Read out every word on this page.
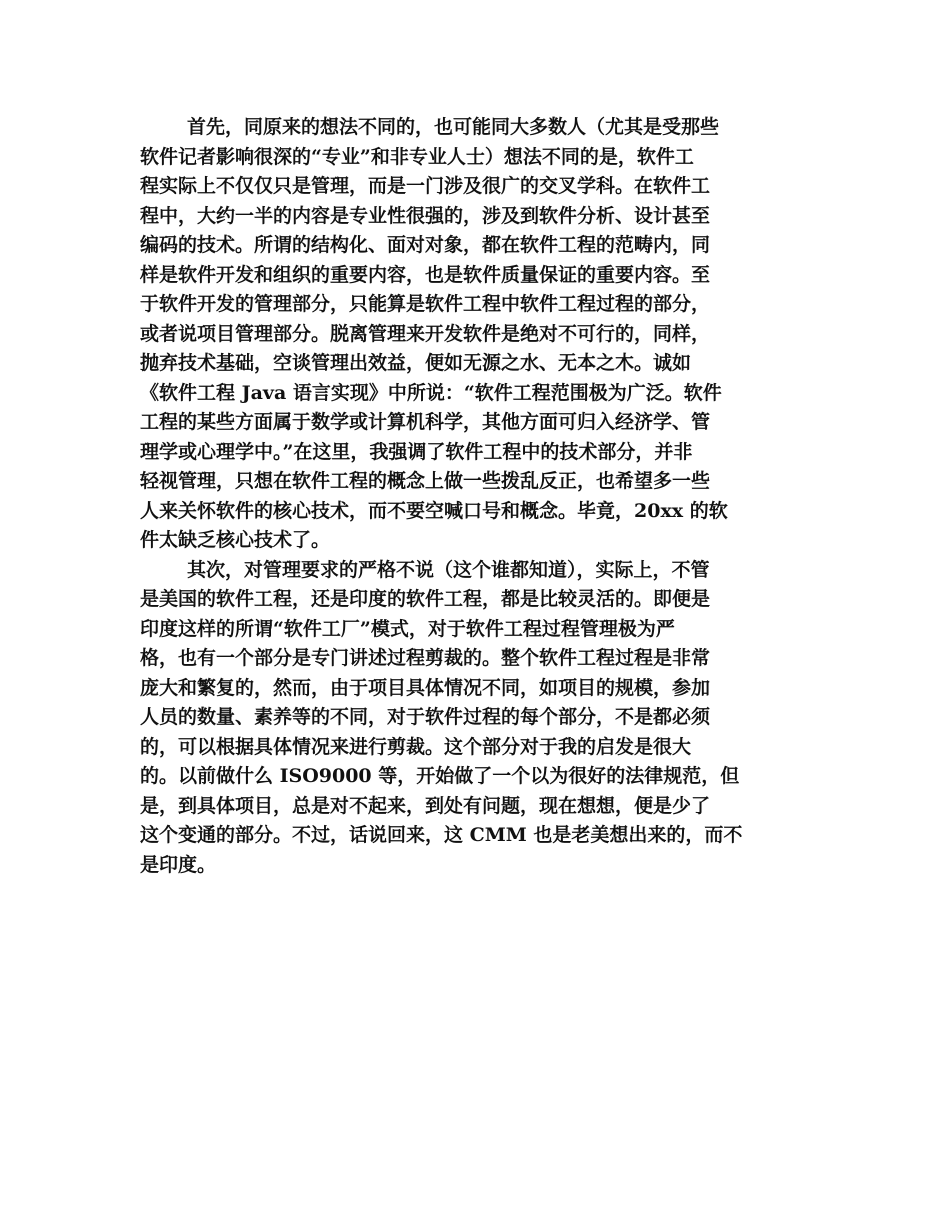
首先，同原来的想法不同的，也可能同大多数人（尤其是受那些
软件记者影响很深的“专业”和非专业人士）想法不同的是，软件工
程实际上不仅仅只是管理，而是一门涉及很广的交叉学科。在软件工
程中，大约一半的内容是专业性很强的，涉及到软件分析、设计甚至
编码的技术。所谓的结构化、面对对象，都在软件工程的范畴内，同
样是软件开发和组织的重要内容，也是软件质量保证的重要内容。至
于软件开发的管理部分，只能算是软件工程中软件工程过程的部分，
或者说项目管理部分。脱离管理来开发软件是绝对不可行的，同样，
抛弃技术基础，空谈管理出效益，便如无源之水、无本之木。诚如
《软件工程 Java 语言实现》中所说：“软件工程范围极为广泛。软件
工程的某些方面属于数学或计算机科学，其他方面可归入经济学、管
理学或心理学中。”在这里，我强调了软件工程中的技术部分，并非
轻视管理，只想在软件工程的概念上做一些拨乱反正，也希望多一些
人来关怀软件的核心技术，而不要空喊口号和概念。毕竟，20xx 的软
件太缺乏核心技术了。
其次，对管理要求的严格不说（这个谁都知道），实际上，不管
是美国的软件工程，还是印度的软件工程，都是比较灵活的。即便是
印度这样的所谓“软件工厂”模式，对于软件工程过程管理极为严
格，也有一个部分是专门讲述过程剪裁的。整个软件工程过程是非常
庞大和繁复的，然而，由于项目具体情况不同，如项目的规模，参加
人员的数量、素养等的不同，对于软件过程的每个部分，不是都必须
的，可以根据具体情况来进行剪裁。这个部分对于我的启发是很大
的。以前做什么 ISO9000 等，开始做了一个以为很好的法律规范，但
是，到具体项目，总是对不起来，到处有问题，现在想想，便是少了
这个变通的部分。不过，话说回来，这 CMM 也是老美想出来的，而不
是印度。
